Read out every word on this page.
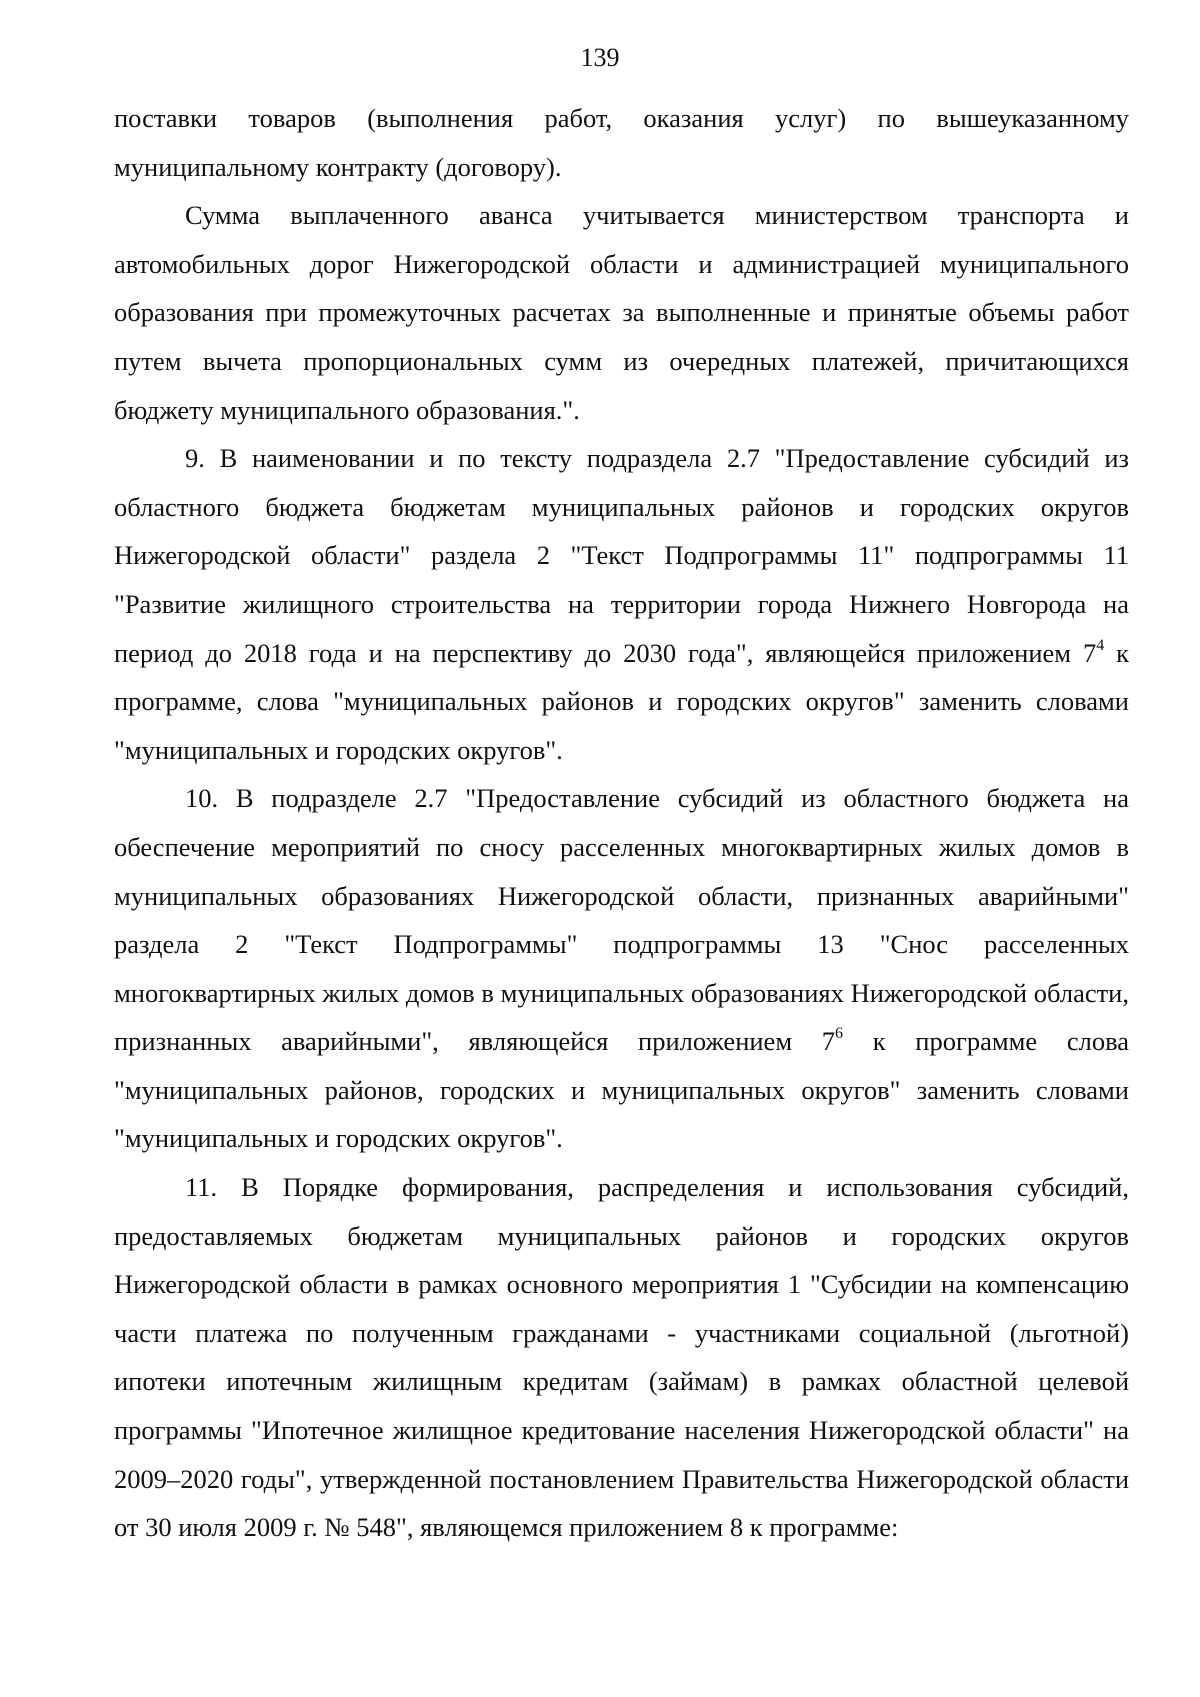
139

поставки товаров (выполнения работ, оказания услуг) по вышеуказанному муниципальному контракту (договору).

Сумма выплаченного аванса учитывается министерством транспорта и автомобильных дорог Нижегородской области и администрацией муниципального образования при промежуточных расчетах за выполненные и принятые объемы работ путем вычета пропорциональных сумм из очередных платежей, причитающихся бюджету муниципального образования.".

9. В наименовании и по тексту подраздела 2.7 "Предоставление субсидий из областного бюджета бюджетам муниципальных районов и городских округов Нижегородской области" раздела 2 "Текст Подпрограммы 11" подпрограммы 11 "Развитие жилищного строительства на территории города Нижнего Новгорода на период до 2018 года и на перспективу до 2030 года", являющейся приложением $7^4$ к программе, слова "муниципальных районов и городских округов" заменить словами "муниципальных и городских округов".

10. В подразделе 2.7 "Предоставление субсидий из областного бюджета на обеспечение мероприятий по сносу расселенных многоквартирных жилых домов в муниципальных образованиях Нижегородской области, признанных аварийными" раздела 2 "Текст Подпрограммы" подпрограммы 13 "Снос расселенных многоквартирных жилых домов в муниципальных образованиях Нижегородской области, признанных аварийными", являющейся приложением $7^6$ к программе слова "муниципальных районов, городских и муниципальных округов" заменить словами "муниципальных и городских округов".

11. В Порядке формирования, распределения и использования субсидий, предоставляемых бюджетам муниципальных районов и городских округов Нижегородской области в рамках основного мероприятия 1 "Субсидии на компенсацию части платежа по полученным гражданами - участниками социальной (льготной) ипотеки ипотечным жилищным кредитам (займам) в рамках областной целевой программы "Ипотечное жилищное кредитование населения Нижегородской области" на 2009–2020 годы", утвержденной постановлением Правительства Нижегородской области от 30 июля 2009 г. № 548", являющемся приложением 8 к программе:
